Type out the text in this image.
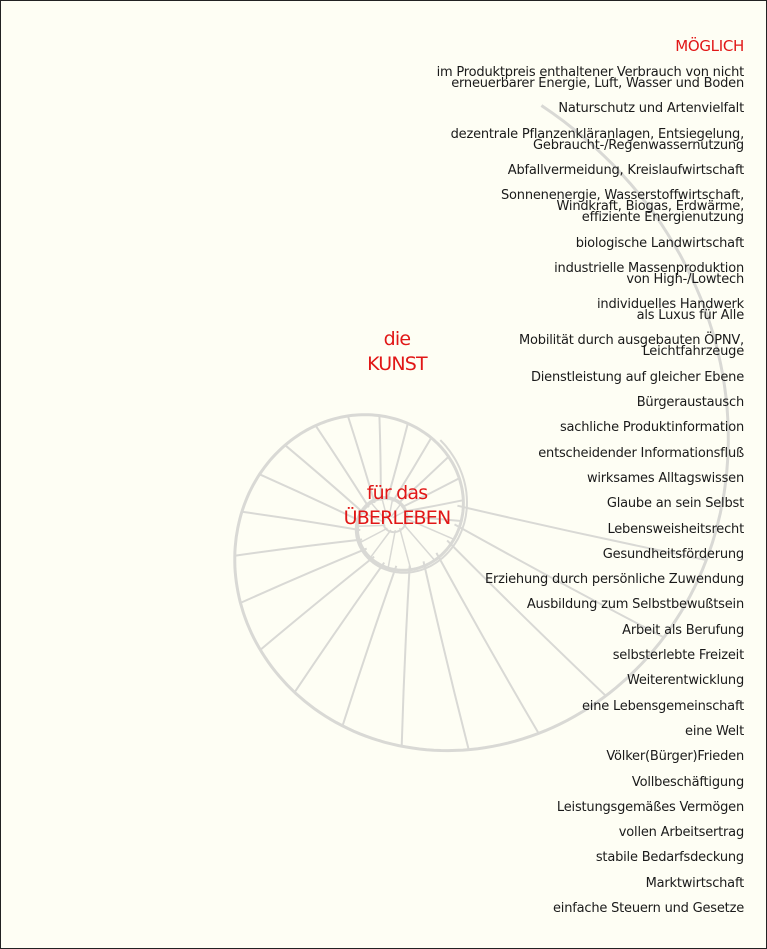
MÖGLICH
die
KUNST
für das
ÜBERLEBEN
im Produktpreis enthaltener Verbrauch von nicht
erneuerbarer Energie, Luft, Wasser und Boden
Naturschutz und Artenvielfalt
dezentrale Pflanzenkläranlagen, Entsiegelung,
Gebraucht-/Regenwassernutzung
Abfallvermeidung, Kreislaufwirtschaft
Sonnenenergie, Wasserstoffwirtschaft,
Windkraft, Biogas, Erdwärme,
effiziente Energienutzung
biologische Landwirtschaft
industrielle Massenproduktion
von High-/Lowtech
individuelles Handwerk
als Luxus für Alle
Mobilität durch ausgebauten ÖPNV,
Leichtfahrzeuge
Dienstleistung auf gleicher Ebene
Bürgeraustausch
sachliche Produktinformation
entscheidender Informationsfluß
wirksames Alltagswissen
Glaube an sein Selbst
Lebensweisheitsrecht
Gesundheitsförderung
Erziehung durch persönliche Zuwendung
Ausbildung zum Selbstbewußtsein
Arbeit als Berufung
selbsterlebte Freizeit
Weiterentwicklung
eine Lebensgemeinschaft
eine Welt
Völker(Bürger)Frieden
Vollbeschäftigung
Leistungsgemäßes Vermögen
vollen Arbeitsertrag
stabile Bedarfsdeckung
Marktwirtschaft
einfache Steuern und Gesetze
